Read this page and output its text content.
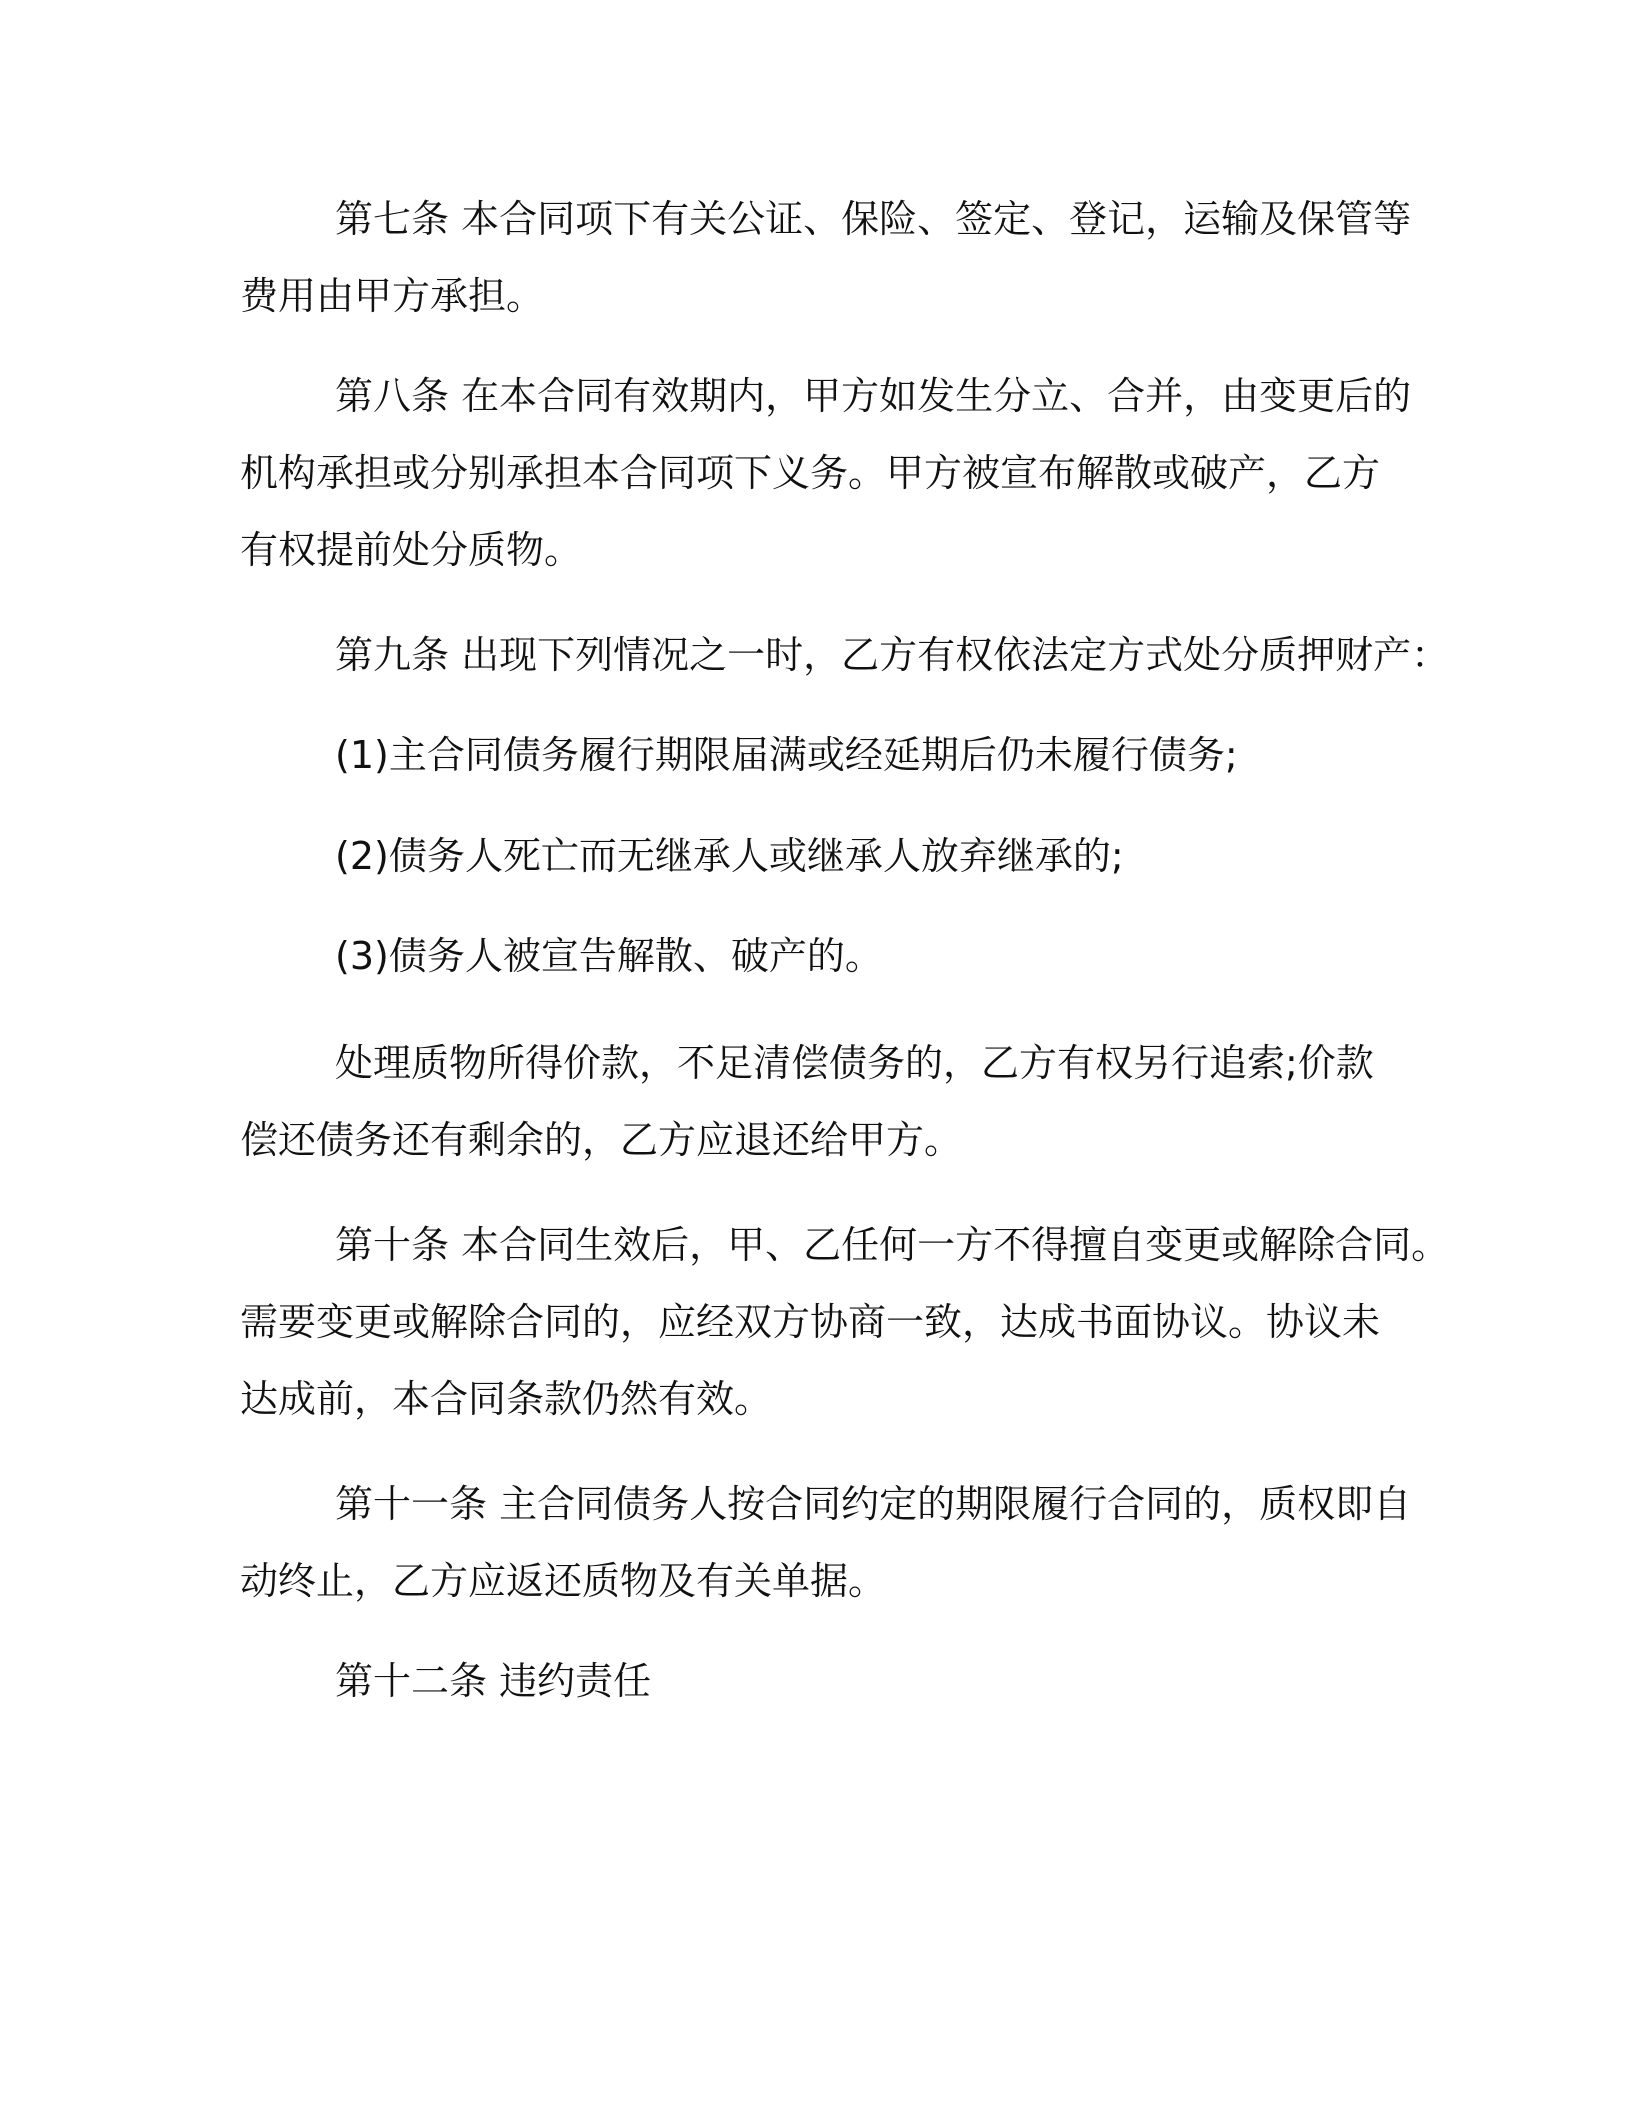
第七条 本合同项下有关公证、保险、签定、登记，运输及保管等
费用由甲方承担。
第八条 在本合同有效期内，甲方如发生分立、合并，由变更后的
机构承担或分别承担本合同项下义务。甲方被宣布解散或破产，乙方
有权提前处分质物。
第九条 出现下列情况之一时，乙方有权依法定方式处分质押财产：
(1)主合同债务履行期限届满或经延期后仍未履行债务;
(2)债务人死亡而无继承人或继承人放弃继承的;
(3)债务人被宣告解散、破产的。
处理质物所得价款，不足清偿债务的，乙方有权另行追索;价款
偿还债务还有剩余的，乙方应退还给甲方。
第十条 本合同生效后，甲、乙任何一方不得擅自变更或解除合同。
需要变更或解除合同的，应经双方协商一致，达成书面协议。协议未
达成前，本合同条款仍然有效。
第十一条 主合同债务人按合同约定的期限履行合同的，质权即自
动终止，乙方应返还质物及有关单据。
第十二条 违约责任
